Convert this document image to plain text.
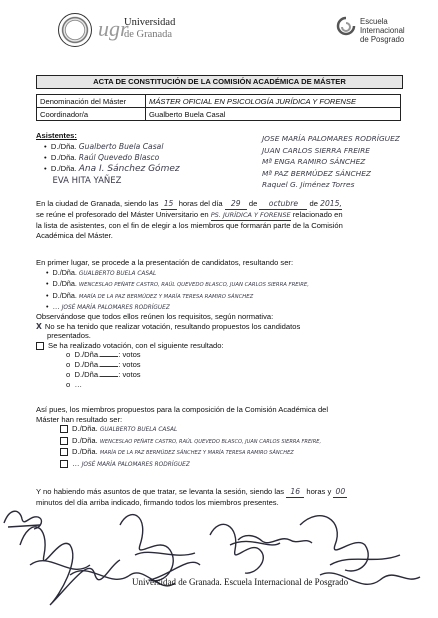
ugr
Universidad
de Granada
Escuela
Internacional
de Posgrado
ACTA DE CONSTITUCIÓN DE LA COMISIÓN ACADÉMICA DE MÁSTER
Denominación del Máster	MÁSTER OFICIAL EN PSICOLOGÍA JURÍDICA Y FORENSE
Coordinador/a	Gualberto Buela Casal
Asistentes:
•  D./Dña. Gualberto Buela Casal
•  D./Dña. Raúl Quevedo Blasco
•  D./Dña. Ana I. Sánchez Gómez
EVA HITA YAÑEZ
JOSE MARÍA PALOMARES RODRÍGUEZ
JUAN CARLOS SIERRA FREIRE
Mª ENGA RAMIRO SÁNCHEZ
Mª PAZ BERMÚDEZ SÁNCHEZ
Raquel G. Jiménez Torres
En la ciudad de Granada, siendo las 15 horas del día 29 de octubre de 2015,
se reúne el profesorado del Máster Universitario en PS. JURÍDICA Y FORENSE relacionado en
la lista de asistentes, con el fin de elegir a los miembros que formarán parte de la Comisión
Académica del Máster.
En primer lugar, se procede a la presentación de candidatos, resultando ser:
•  D./Dña. GUALBERTO BUELA CASAL
•  D./Dña. WENCESLAO PEÑATE CASTRO, RAÚL QUEVEDO BLASCO, JUAN CARLOS SIERRA FREIRE,
•  D./Dña. MARÍA DE LA PAZ BERMÚDEZ Y MARÍA TERESA RAMIRO SÁNCHEZ
•  … JOSÉ MARÍA PALOMARES RODRÍGUEZ
Observándose que todos ellos reúnen los requisitos, según normativa:
X No se ha tenido que realizar votación, resultando propuestos los candidatos
presentados.
Se ha realizado votación, con el siguiente resultado:
o D./Dña. : votos
o D./Dña. : votos
o D./Dña. : votos
o …
Así pues, los miembros propuestos para la composición de la Comisión Académica del
Máster han resultado ser:
D./Dña. GUALBERTO BUELA CASAL
D./Dña. WENCESLAO PEÑATE CASTRO, RAÚL QUEVEDO BLASCO, JUAN CARLOS SIERRA FREIRE,
D./Dña. MARÍA DE LA PAZ BERMÚDEZ SÁNCHEZ Y MARÍA TERESA RAMIRO SÁNCHEZ
… JOSÉ MARÍA PALOMARES RODRÍGUEZ
Y no habiendo más asuntos de que tratar, se levanta la sesión, siendo las 16 horas y 00
minutos del día arriba indicado, firmando todos los miembros presentes.
Universidad de Granada. Escuela Internacional de Posgrado
